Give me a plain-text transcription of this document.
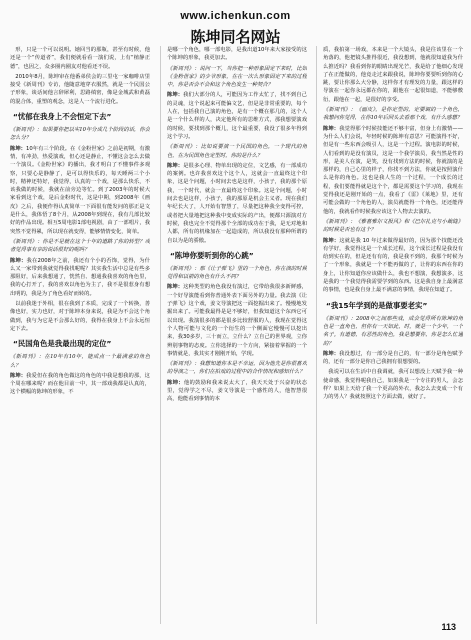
www.ichenkun.com
陈坤同名网站

形，只是一个可以说明。她回当的那瓶，甚至有时候，他还是一个“传道者”，我们便就看看一演们说，上有“植静正德”，也因之，众多圈内圈友对他看还不误。

2010年8月，陈坤审在他番弟侯会的三里屯一家咖啡店里接受《新周刊》专访，他随意地穿衣服然，就是一个民国公子形象，谈话间他言辞犀利，思路缜密，像是金城武和黄磊的混合体，重塑的观念，这是人一个流行进化。

“忧郁在我身上不会恒定下去”

《新周刊》：如果要你把以实10年分成几个阶段的话，你会怎么分？

陈坤：10年有三个阶段。在《金粉世家》之前是初期，有激情，有冲劲，热爱演戏，但心还是静止，不懂这会怎么去做一个演员。《金粉世家》的播出，我才明白了不懂事件多观察，只要心是静静了，是可以得快乐的，每天睡两三个小时，精神还特好，我觉得，认真的一个戏，是那么快乐，不该我做的时候，我就在前旁边等忙。到了2003年的时候大家看到这个戏，是后金粉时代，这是中期，到2008年《画皮》之后，我便作得认真简单一下面很有能发问的那正是文是什么，我体悟了8个月，从2008年到现在，我有几部比较好的作品出现。相互5周电影1部电视剧，由了一部唱片，我突然不觉得累，所以现在就变得，能够情情变化，简单。

《新周刊》：你是不是就在这个十年的道路了你的转型？或者觉得事有享的说话很好的呢吗？

陈坤：我在2008年之前，我还有个小的否饰，觉得，为什么又一家带到我就觉得我找呢呢？其实我生活中总是有些多那阻好，后来我想通了，恍然自、想通我我喜欢的角色里，我的心打开了，我的喜欢以角色为主了，我不是很惹身有想出明的，我是为了角色看好而转的。

以前我迷于外相，很在我到了本质，完成了一个转换，善像也好，实力也好，对于陈坤本身来说，我是为不会这个角做到，我与为它是不会那么好的，我得在我身上不会永远恒定下去。

“民国角色是我最出现的定位”

《新周刊》：在10年有10年，能成点一个最满意的角色么？

陈坤：我爱但在我的角色做这的角色的中我是想我的那，这个周在哪来呢？而在他目前一中，其一部戏我都是认真的，这个横幅的陈坤的形象，不

是哪一个角色，哪一部电影，是我出道10年来大家接受的这个陈坤的形象，我更加去。

《新周刊》：说问一下，当你把一种形象固定下来时，比如《金粉世家》的少爷形象，在在一次么形象固定下来的过程中，你是否会不会和这个角色发生一种契合？

陈坤：我们大部分的人，可能因为工作太忙了，找不到自己的灵魂，这个说起来可能偏文艺，但是是非常重要的，每个人在，包括我自己演的角色，是有一个概在那几的，这个人是一个什么样的人，决定他所有的思维方式，那我想要演戏的时候，要找到那个概儿，这个最重要，我没了很多年得到这个学习。

《新周刊》：比如说要演一个民国的角色，一个现代的角色，在为民国角色定型时，你的是什么？

陈坤：是很多心理、物单出现的定位，文艺感，有一部成功的案例。也许我喜欢这个这个人，这就会一直最终这个印象，这是个问题，小时间去也是这样，小孩子，我的那个原我，一个时代，就会一直最终这个印象。这是个问题，小时间去也是这样，小孩子，我的那原是机会主义者。现在我们年纪长大了，人开始有智慧了，尽量把这种我全变得可控，或者把大量地把这种我中变成实际的产出，便都只源演对方时候，我也完全不觉得那个全部的成功在于我，是无对地和人都，所有的机缘加在一起造成的，所以我没有那种所谓的自以为是的骄傲。

“陈坤你要听到你的心跳”

《新周刊》：那《让子弹飞》里的一个角色，你在演的时候觉得和以前的角色有什么不同？

陈坤：这种类型的角色我没有演过，它带给我很多新鲜感，一个好导演能看到你普通外表下面另外的力量。我去演《让子弹飞》这个戏，姜文导演把这一面挖掘出来了。慢慢地发掘出来了。可能我最得是是不够好，但我知道这个东西它可以出现。我演很多的都是很多比较舒服的人，我现在觉得这个人物可能与文化的一个衍生的一个侧面它慢慢可以挖出来，我30多岁，三十而立，立什么？立自己的世界观，立你辨别事物的态度。立你选择的一个方向，紧接着掌握的一个事情就是，我其实才刚刚开始，学现。

《新周刊》：我想知道你本是不幸运，因为他先是你很喜欢的导演之一，你们在拍戏的过程中的合作情况和感知什么？

陈坤：他的鼓励和我来说太大了，我天天处于兴奋的状态里，觉得学之不尽，姜文导演是一个感性的人，他智慧很高，他能看到事情的本

质，我拍第一场戏，本来是一个大镜头，我是往该里在一个角落的，他把镜头推得很近，我没想到，他就很知道我为什么推近吗？我看到你的眼睛出现光芒，我是给了他细心发现了在正能做的，他竟走过来跟我说，陈坤你要要听到你的心跳，要让你那么大分静，这样你才有理发的力量，跟这样的导演在一起你永远都在你的，跟他在一起很知道，不能够敷衍，跟他在一起，是很好的享受。

《新周刊》：《画皮》，是你定型的，定要调的一个角色，我想问你觉得，在你10年后回头去看那个戏，有什么感想？

陈坤：我觉得那个时候技能还不够丰富，但身上有激情——为什么人们会说，年轻时候的陈坤有意思？可能演得不好，但是有一些东西会吸引人，这是一个过程。演电影的时候，人们看到的是没有演员，这是一个我学演员，我当然是性的形，是美人在演，是笑，没有找到方法的时候，你就演的是那样的，自己心里的样子，你找不到方法，你就是按照演什么是你的角色。这也是我人生的一个过程，一个成长的过程，我们要能得就是这个个，都是需要这个学习的，我现在觉得我还是刚开始的一点，我看了《雷》《莱地》里，还有可能会做的一个角色的人，演员就能得一个角色，还还能得他的，我就看作时候我应该这个人物去去演的。

《新周刊》：《雅喜雅尔文报风》和《巴尔扎克与小裁缝》的时候是否也有这个？

陈坤：这就是我 10 年过来做得最好的，因为那个技能还没有学好，我觉得这是一个成长过程，这个成长过程是我没有给到实在的，但是还有有的，我是我不到的，我那个时候为了一个形象，我就是一个不能再做的了，让你的东西在你的身上，让你知道你应该做什么，我也不想演，我想演多，这是我的一个我觉得我需要学到的东西。这是我自身上最满意的事情，也是我自身上最不满意的事情，我现在知道了。

“我15年学到的是做事要老实”

《新周刊》：2008年之间那些戏，成会觉得所有陈坤的角色是一直角色，但你有一天如此，时，就是一个少年，一个名子。有道德，有恶性的角色，我是想要你，你是怎么忙通的？

陈坤：我没想过，有一部分是自己的，有一部分是角色赋予的，还有一部分是你自己我拥有很想要的。

我说可以在生活中自我调就，我可以想没上天赋予我一种使命感，我觉得呢我自己，如果我是一个专注的男人，会怎样？如果上天给了我一个更高的外衣，我怎么去变成一个有力的男人？我就按照这个方面去做，就好了。

113
